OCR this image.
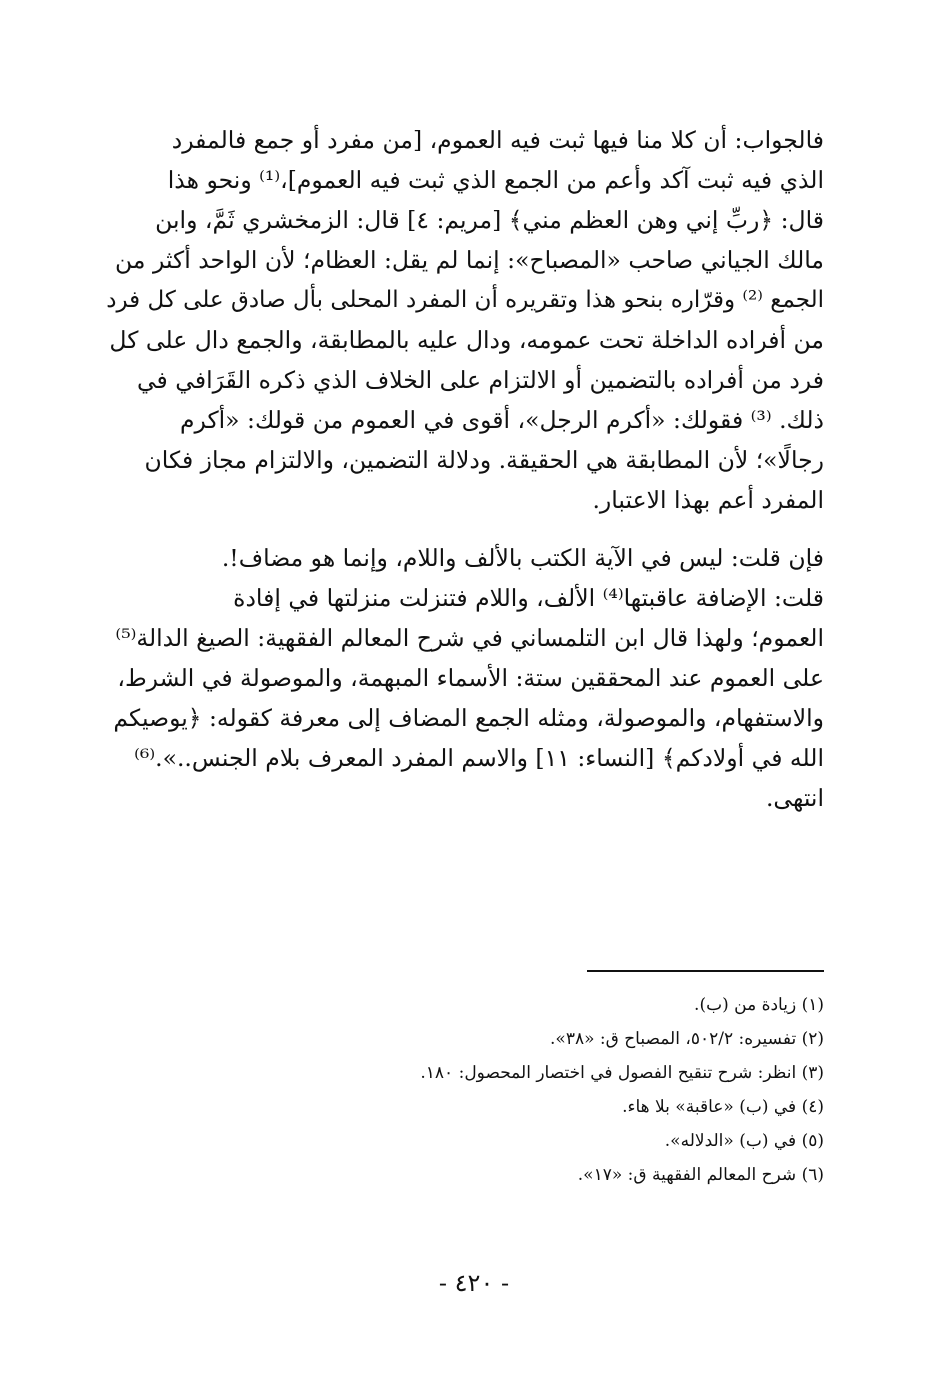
فالجواب: أن كلا منا فيها ثبت فيه العموم، [من مفرد أو جمع فالمفرد
الذي فيه ثبت آكد وأعم من الجمع الذي ثبت فيه العموم]،⁽¹⁾ ونحو هذا
قال: ﴿ربِّ إني وهن العظم مني﴾ [مريم: ٤] قال: الزمخشري ثَمَّ، وابن
مالك الجياني صاحب «المصباح»: إنما لم يقل: العظام؛ لأن الواحد أكثر من
الجمع ⁽²⁾ وقرّاره بنحو هذا وتقريره أن المفرد المحلى بأل صادق على كل فرد
من أفراده الداخلة تحت عمومه، ودال عليه بالمطابقة، والجمع دال على كل
فرد من أفراده بالتضمين أو الالتزام على الخلاف الذي ذكره القَرَافي في
ذلك. ⁽³⁾ فقولك: «أكرم الرجل»، أقوى في العموم من قولك: «أكرم
رجالًا»؛ لأن المطابقة هي الحقيقة. ودلالة التضمين، والالتزام مجاز فكان
المفرد أعم بهذا الاعتبار.
فإن قلت: ليس في الآية الكتب بالألف واللام، وإنما هو مضاف!.
قلت: الإضافة عاقبتها⁽⁴⁾ الألف، واللام فتنزلت منزلتها في إفادة
العموم؛ ولهذا قال ابن التلمساني في شرح المعالم الفقهية: الصيغ الدالة⁽⁵⁾
على العموم عند المحققين ستة: الأسماء المبهمة، والموصولة في الشرط،
والاستفهام، والموصولة، ومثله الجمع المضاف إلى معرفة كقوله: ﴿يوصيكم
الله في أولادكم﴾ [النساء: ١١] والاسم المفرد المعرف بلام الجنس..».⁽⁶⁾
انتهى.
(١) زيادة من (ب).
(٢) تفسيره: ٥٠٢/٢، المصباح ق: «٣٨».
(٣) انظر: شرح تنقيح الفصول في اختصار المحصول: ١٨٠.
(٤) في (ب) «عاقبة» بلا هاء.
(٥) في (ب) «الدلاله».
(٦) شرح المعالم الفقهية ق: «١٧».
- ٤٢٠ -
